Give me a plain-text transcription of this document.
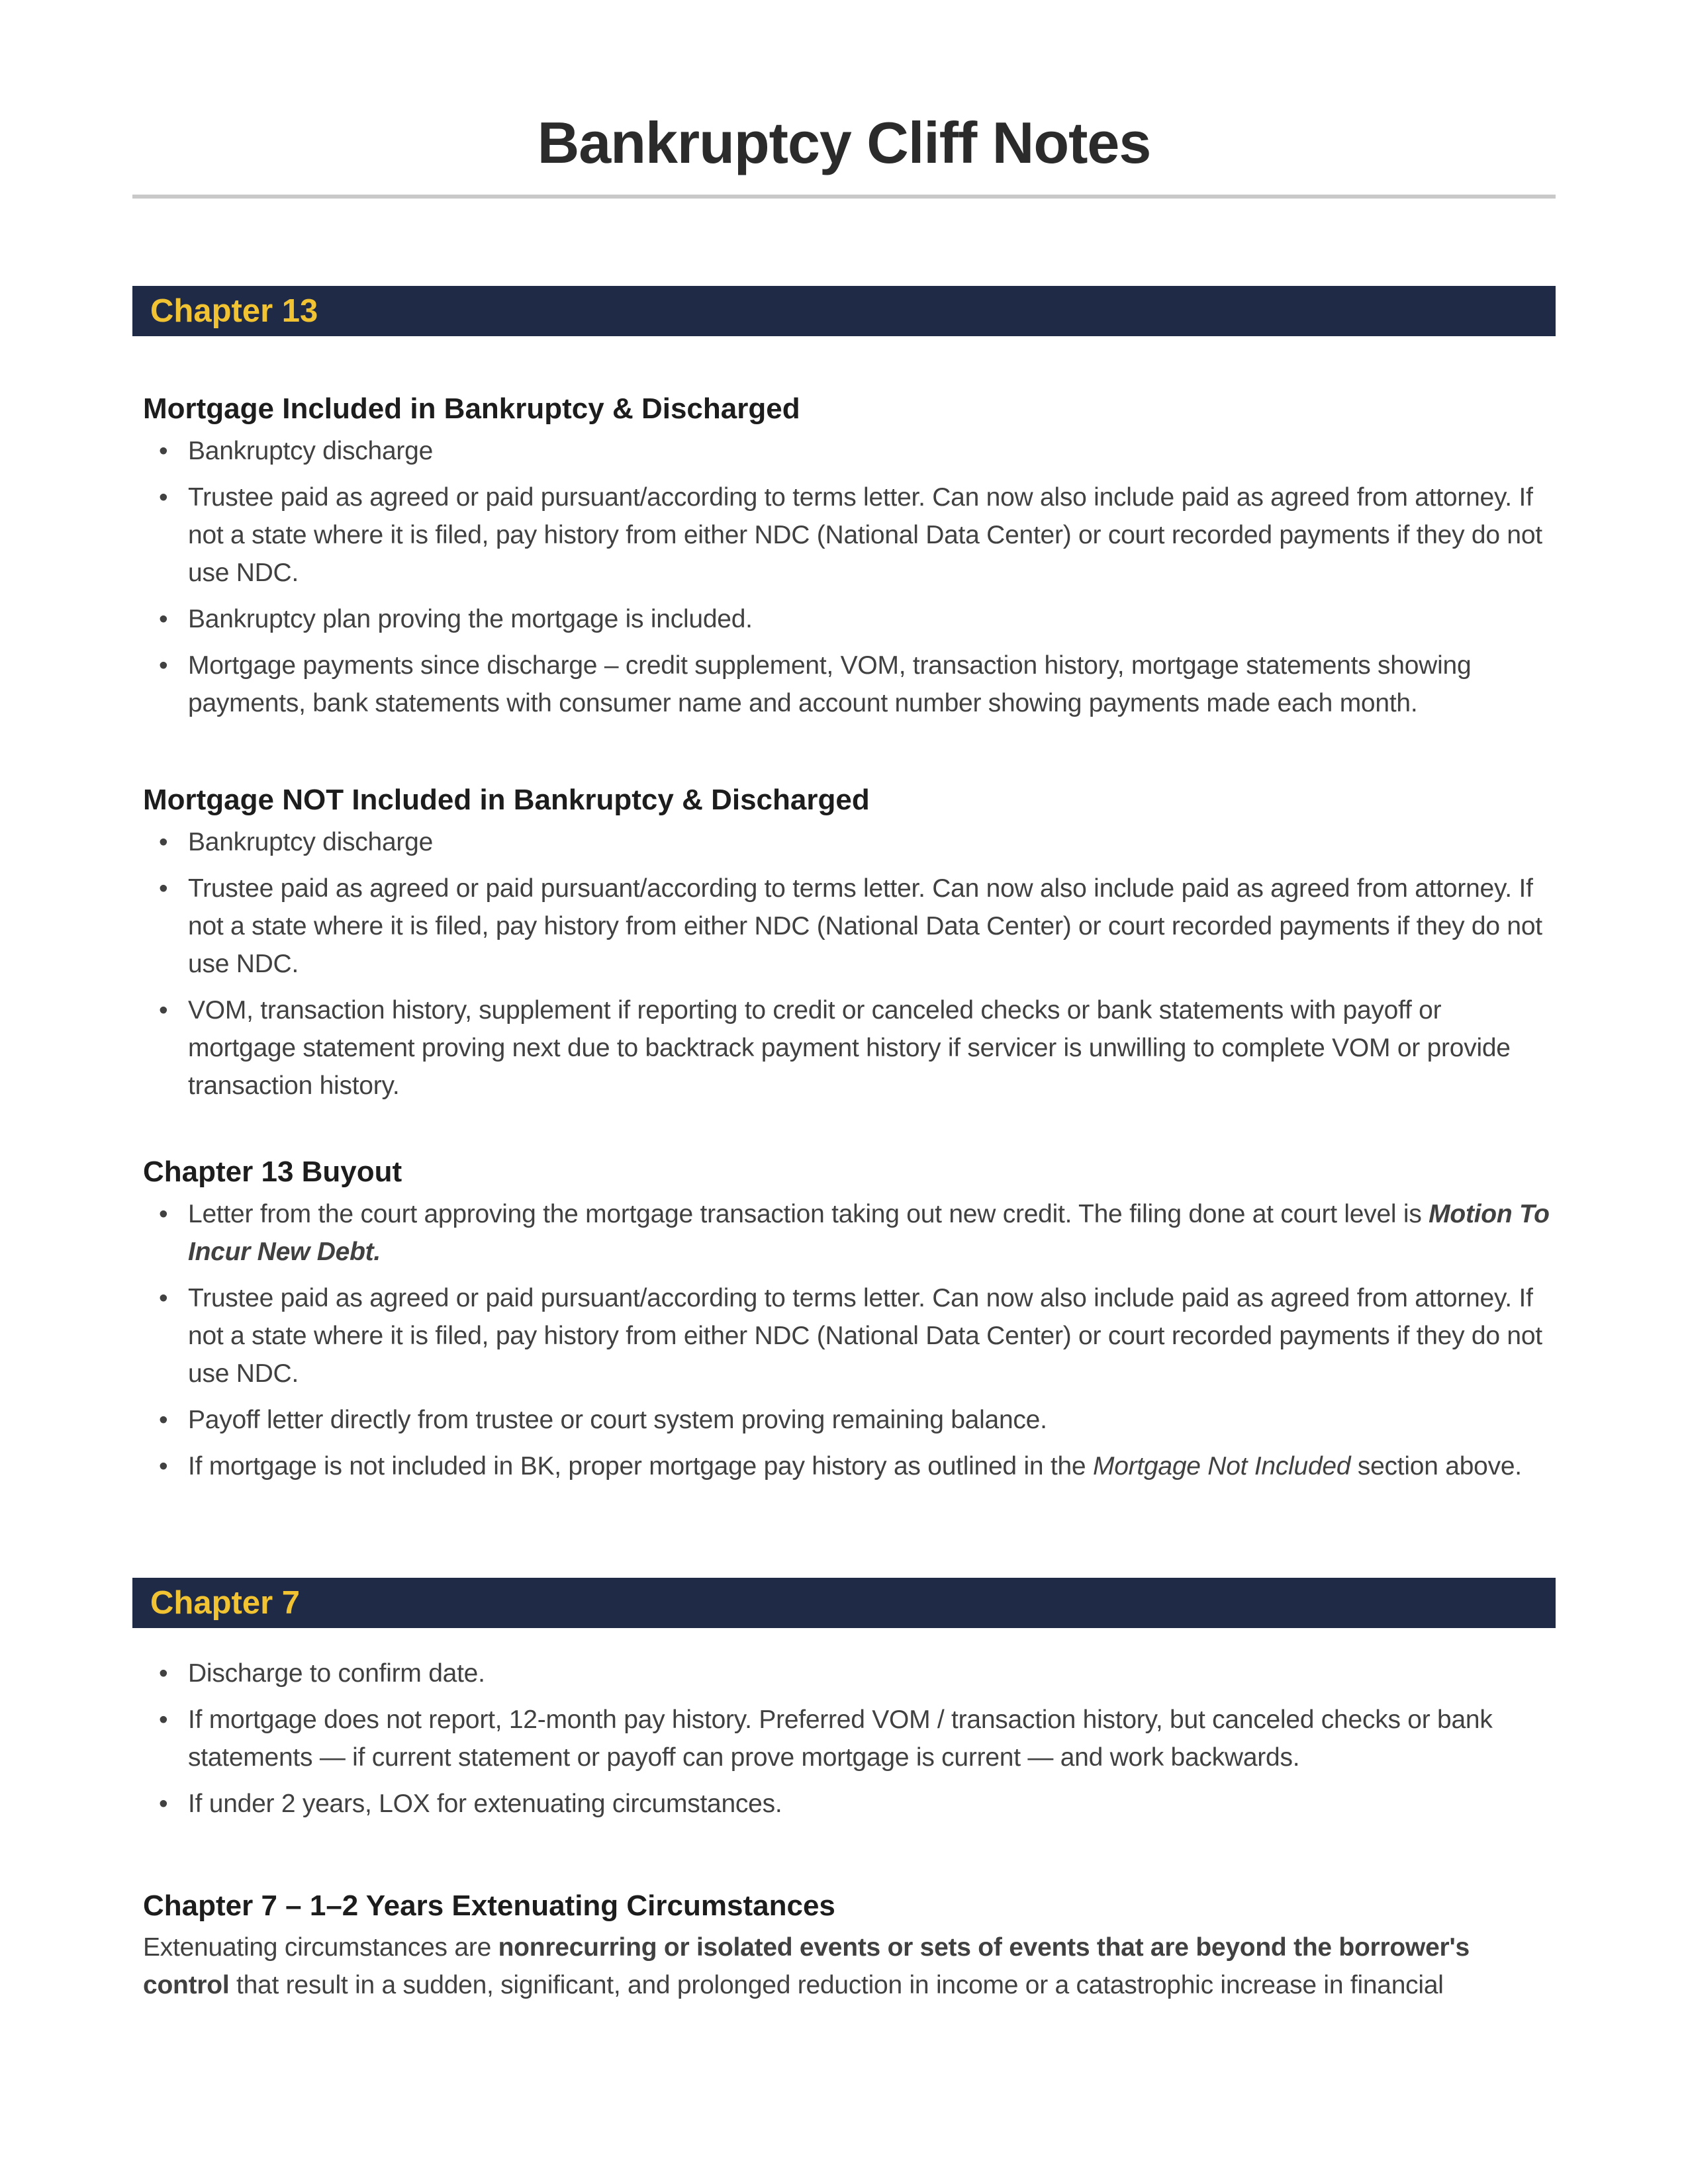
Bankruptcy Cliff Notes
Chapter 13
Mortgage Included in Bankruptcy & Discharged
• Bankruptcy discharge
• Trustee paid as agreed or paid pursuant/according to terms letter. Can now also include paid as agreed from attorney. If not a state where it is filed, pay history from either NDC (National Data Center) or court recorded payments if they do not use NDC.
• Bankruptcy plan proving the mortgage is included.
• Mortgage payments since discharge – credit supplement, VOM, transaction history, mortgage statements showing payments, bank statements with consumer name and account number showing payments made each month.
Mortgage NOT Included in Bankruptcy & Discharged
• Bankruptcy discharge
• Trustee paid as agreed or paid pursuant/according to terms letter. Can now also include paid as agreed from attorney. If not a state where it is filed, pay history from either NDC (National Data Center) or court recorded payments if they do not use NDC.
• VOM, transaction history, supplement if reporting to credit or canceled checks or bank statements with payoff or mortgage statement proving next due to backtrack payment history if servicer is unwilling to complete VOM or provide transaction history.
Chapter 13 Buyout
• Letter from the court approving the mortgage transaction taking out new credit. The filing done at court level is Motion To Incur New Debt.
• Trustee paid as agreed or paid pursuant/according to terms letter. Can now also include paid as agreed from attorney. If not a state where it is filed, pay history from either NDC (National Data Center) or court recorded payments if they do not use NDC.
• Payoff letter directly from trustee or court system proving remaining balance.
• If mortgage is not included in BK, proper mortgage pay history as outlined in the Mortgage Not Included section above.
Chapter 7
• Discharge to confirm date.
• If mortgage does not report, 12-month pay history. Preferred VOM / transaction history, but canceled checks or bank statements — if current statement or payoff can prove mortgage is current — and work backwards.
• If under 2 years, LOX for extenuating circumstances.
Chapter 7 – 1–2 Years Extenuating Circumstances

Extenuating circumstances are nonrecurring or isolated events or sets of events that are beyond the borrower's control that result in a sudden, significant, and prolonged reduction in income or a catastrophic increase in financial
